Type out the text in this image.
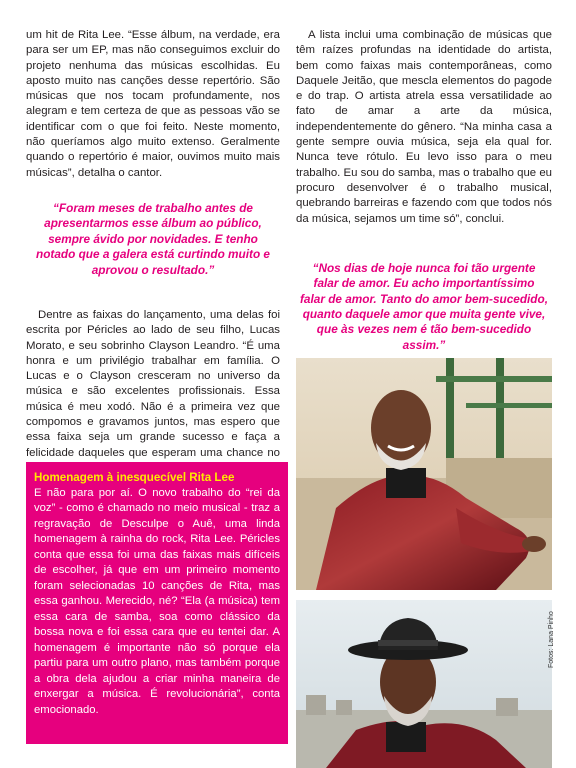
um hit de Rita Lee. “Esse álbum, na verdade, era para ser um EP, mas não conseguimos excluir do projeto nenhuma das músicas escolhidas. Eu aposto muito nas canções desse repertório. São músicas que nos tocam profundamente, nos alegram e tem certeza de que as pessoas vão se identificar com o que foi feito. Neste momento, não queríamos algo muito extenso. Geralmente quando o repertório é maior, ouvimos muito mais músicas”, detalha o cantor.

“Foram meses de trabalho antes de apresentarmos esse álbum ao público, sempre ávido por novidades. E tenho notado que a galera está curtindo muito e aprovou o resultado.”

Dentre as faixas do lançamento, uma delas foi escrita por Péricles ao lado de seu filho, Lucas Morato, e seu sobrinho Clayson Leandro. “É uma honra e um privilégio trabalhar em família. O Lucas e o Clayson cresceram no universo da música e são excelentes profissionais. Essa música é meu xodó. Não é a primeira vez que compomos e gravamos juntos, mas espero que essa faixa seja um grande sucesso e faça a felicidade daqueles que esperam uma chance no

Homenagem à inesquecível Rita Lee

E não para por aí. O novo trabalho do “rei da voz” - como é chamado no meio musical - traz a regravação de Desculpe o Auê, uma linda homenagem à rainha do rock, Rita Lee. Péricles conta que essa foi uma das faixas mais difíceis de escolher, já que em um primeiro momento foram selecionadas 10 canções de Rita, mas essa ganhou. Merecido, né? “Ela (a música) tem essa cara de samba, soa como clássico da bossa nova e foi essa cara que eu tentei dar. A homenagem é importante não só porque ela partiu para um outro plano, mas também porque a obra dela ajudou a criar minha maneira de enxergar a música. É revolucionária”, conta emocionado.

A lista inclui uma combinação de músicas que têm raízes profundas na identidade do artista, bem como faixas mais contemporâneas, como Daquele Jeitão, que mescla elementos do pagode e do trap. O artista atrela essa versatilidade ao fato de amar a arte da música, independentemente do gênero. “Na minha casa a gente sempre ouvia música, seja ela qual for. Nunca teve rótulo. Eu levo isso para o meu trabalho. Eu sou do samba, mas o trabalho que eu procuro desenvolver é o trabalho musical, quebrando barreiras e fazendo com que todos nós da música, sejamos um time só”, conclui.

“Nos dias de hoje nunca foi tão urgente falar de amor. Eu acho importantíssimo falar de amor. Tanto do amor bem-sucedido, quanto daquele amor que muita gente vive, que às vezes nem é tão bem-sucedido assim.”

Fotos: Lana Pinho
